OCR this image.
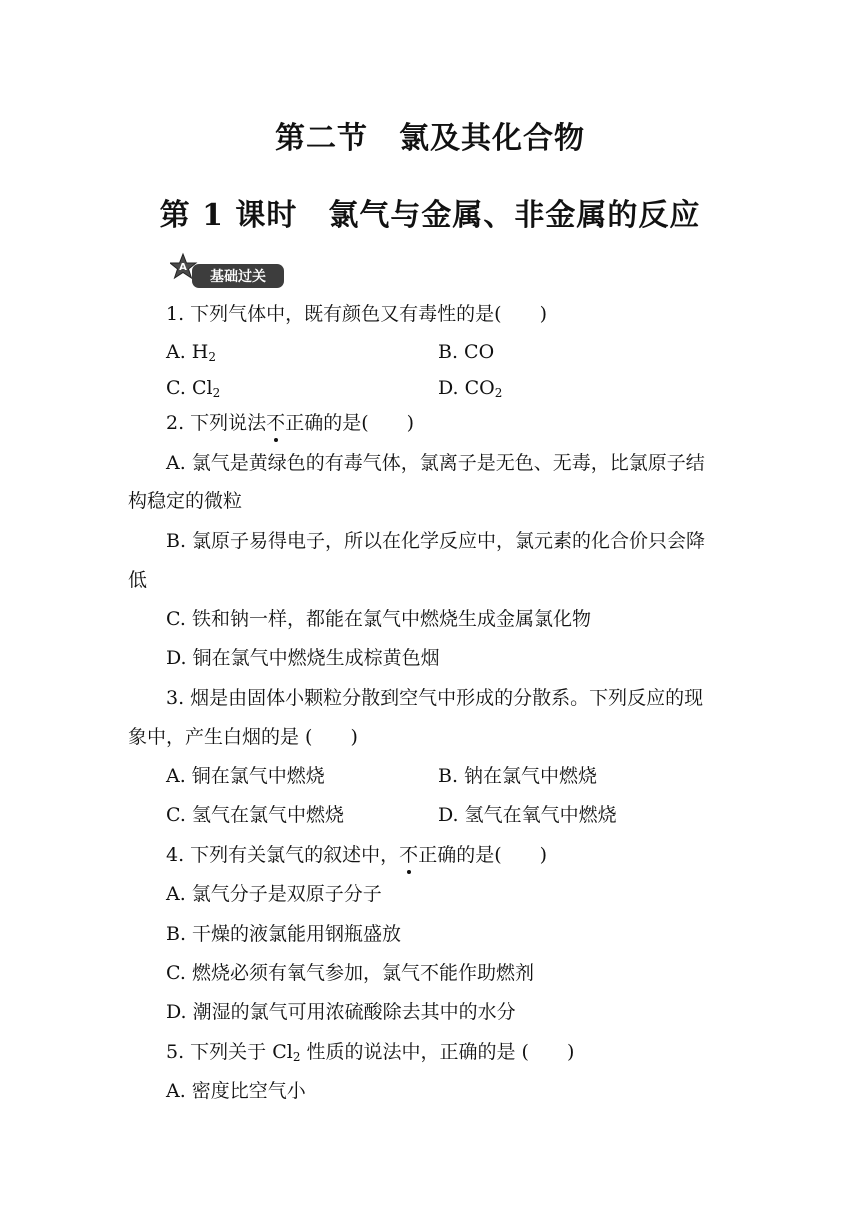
第二节　氯及其化合物
第 1 课时　氯气与金属、非金属的反应
A
基础过关
1. 下列气体中，既有颜色又有毒性的是(　　)
A. $H_2$	B. CO
C. $Cl_2$	D. $CO_2$
2. 下列说法不正确的是(　　)
A. 氯气是黄绿色的有毒气体，氯离子是无色、无毒，比氯原子结
构稳定的微粒
B. 氯原子易得电子，所以在化学反应中，氯元素的化合价只会降
低
C. 铁和钠一样，都能在氯气中燃烧生成金属氯化物
D. 铜在氯气中燃烧生成棕黄色烟
3. 烟是由固体小颗粒分散到空气中形成的分散系。下列反应的现
象中，产生白烟的是 (　　)
A. 铜在氯气中燃烧	B. 钠在氯气中燃烧
C. 氢气在氯气中燃烧	D. 氢气在氧气中燃烧
4. 下列有关氯气的叙述中，不正确的是(　　)
A. 氯气分子是双原子分子
B. 干燥的液氯能用钢瓶盛放
C. 燃烧必须有氧气参加，氯气不能作助燃剂
D. 潮湿的氯气可用浓硫酸除去其中的水分
5. 下列关于 $Cl_2$ 性质的说法中，正确的是 (　　)
A. 密度比空气小
